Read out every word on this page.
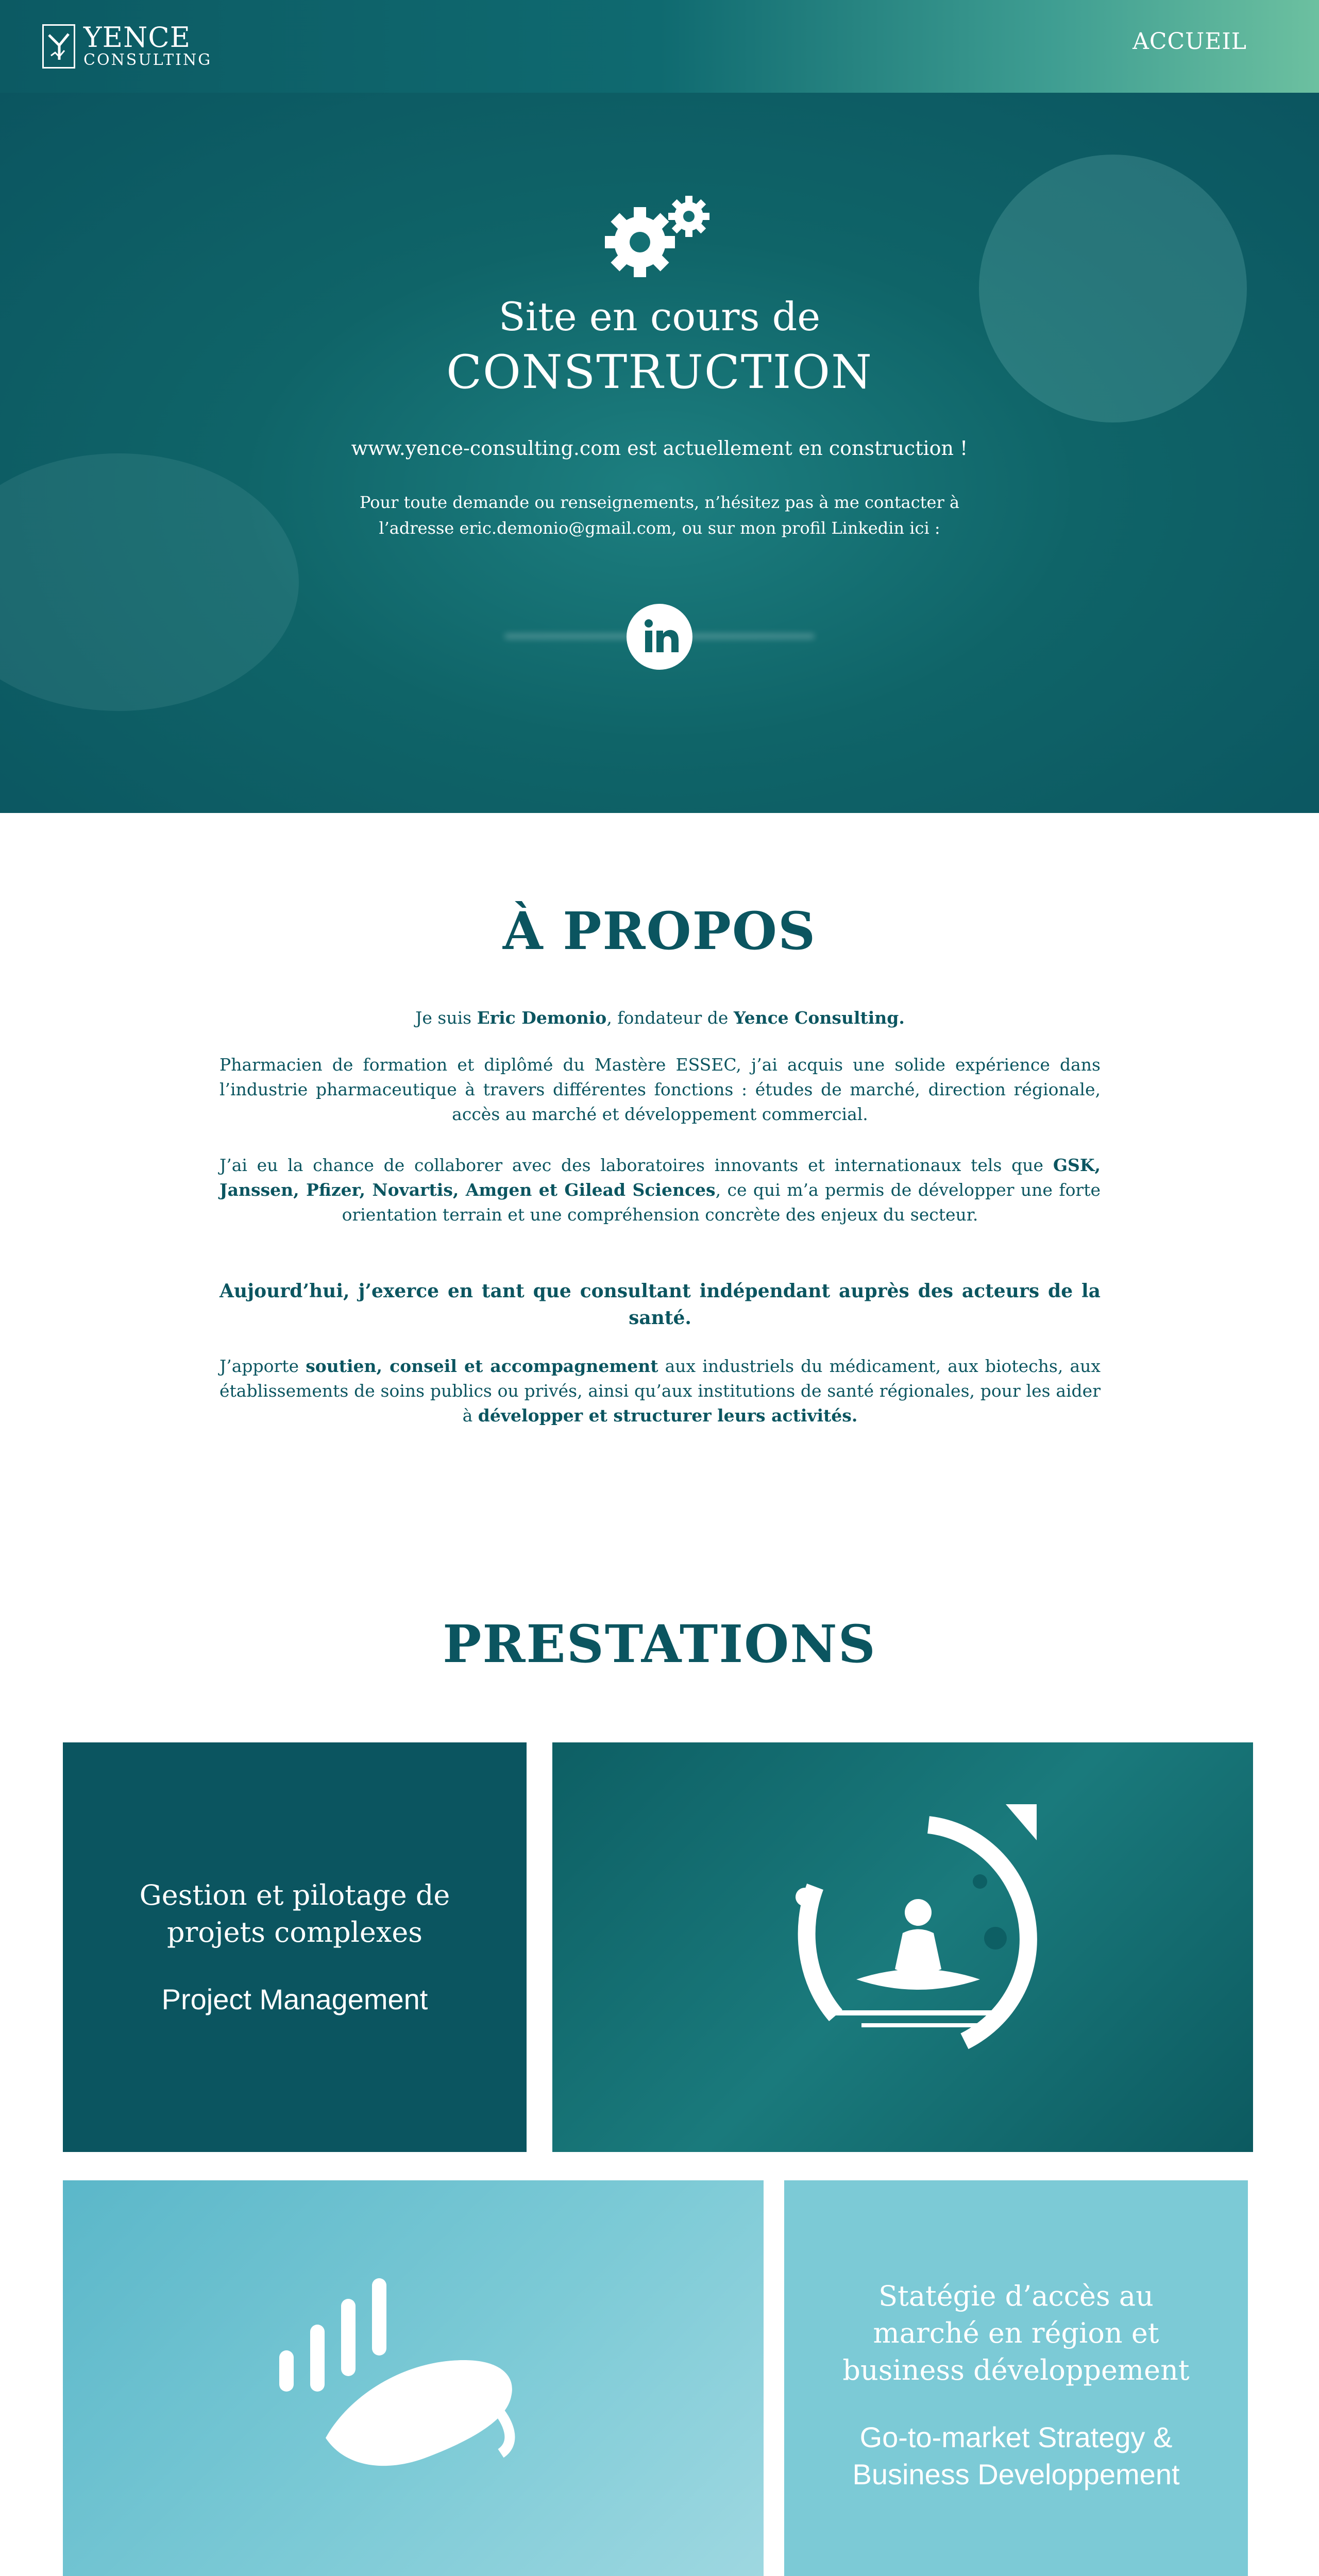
YENCE
CONSULTING
ACCUEIL
Site en cours de
CONSTRUCTION
www.yence-consulting.com est actuellement en construction !
Pour toute demande ou renseignements, n’hésitez pas à me contacter à l’adresse eric.demonio@gmail.com, ou sur mon profil Linkedin ici :
À PROPOS
Je suis Eric Demonio, fondateur de Yence Consulting.
Pharmacien de formation et diplômé du Mastère ESSEC, j’ai acquis une solide expérience dans l’industrie pharmaceutique à travers différentes fonctions : études de marché, direction régionale, accès au marché et développement commercial.
J’ai eu la chance de collaborer avec des laboratoires innovants et internationaux tels que GSK, Janssen, Pfizer, Novartis, Amgen et Gilead Sciences, ce qui m’a permis de développer une forte orientation terrain et une compréhension concrète des enjeux du secteur.
Aujourd’hui, j’exerce en tant que consultant indépendant auprès des acteurs de la santé.
J’apporte soutien, conseil et accompagnement aux industriels du médicament, aux biotechs, aux établissements de soins publics ou privés, ainsi qu’aux institutions de santé régionales, pour les aider à développer et structurer leurs activités.
PRESTATIONS
Gestion et pilotage de projets complexes
Project Management
Statégie d’accès au marché en région et business développement
Go-to-market Strategy & Business Developpement
